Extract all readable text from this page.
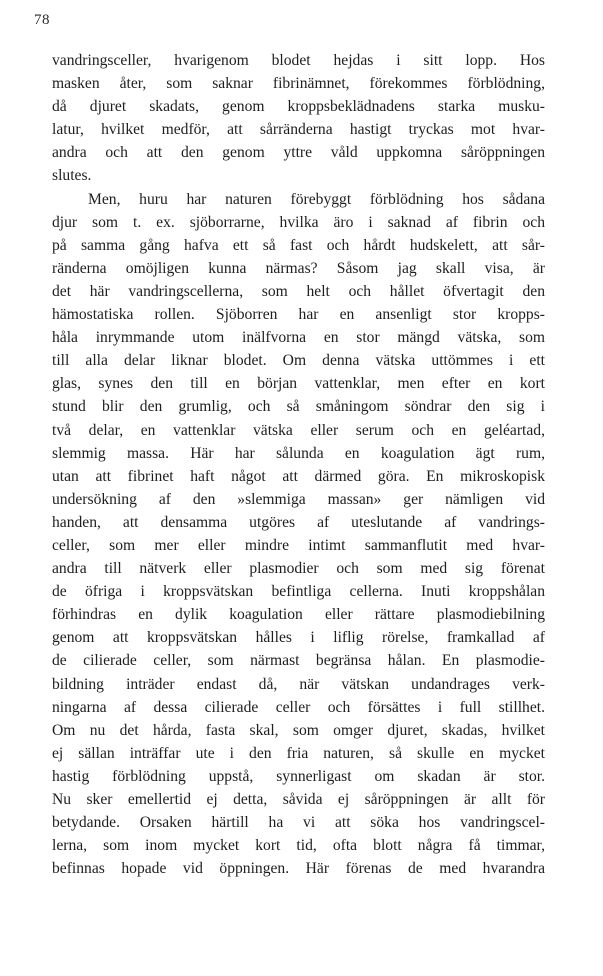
78
vandringsceller, hvarigenom blodet hejdas i sitt lopp. Hos
masken åter, som saknar fibrinämnet, förekommes förblödning,
då djuret skadats, genom kroppsbeklädnadens starka musku-
latur, hvilket medför, att sårränderna hastigt tryckas mot hvar-
andra och att den genom yttre våld uppkomna såröppningen
slutes.
Men, huru har naturen förebyggt förblödning hos sådana
djur som t. ex. sjöborrarne, hvilka äro i saknad af fibrin och
på samma gång hafva ett så fast och hårdt hudskelett, att sår-
ränderna omöjligen kunna närmas? Såsom jag skall visa, är
det här vandringscellerna, som helt och hållet öfvertagit den
hämostatiska rollen. Sjöborren har en ansenligt stor kropps-
håla inrymmande utom inälfvorna en stor mängd vätska, som
till alla delar liknar blodet. Om denna vätska uttömmes i ett
glas, synes den till en början vattenklar, men efter en kort
stund blir den grumlig, och så småningom söndrar den sig i
två delar, en vattenklar vätska eller serum och en geléartad,
slemmig massa. Här har sålunda en koagulation ägt rum,
utan att fibrinet haft något att därmed göra. En mikroskopisk
undersökning af den »slemmiga massan» ger nämligen vid
handen, att densamma utgöres af uteslutande af vandrings-
celler, som mer eller mindre intimt sammanflutit med hvar-
andra till nätverk eller plasmodier och som med sig förenat
de öfriga i kroppsvätskan befintliga cellerna. Inuti kroppshålan
förhindras en dylik koagulation eller rättare plasmodiebilning
genom att kroppsvätskan hålles i liflig rörelse, framkallad af
de cilierade celler, som närmast begränsa hålan. En plasmodie-
bildning inträder endast då, när vätskan undandrages verk-
ningarna af dessa cilierade celler och försättes i full stillhet.
Om nu det hårda, fasta skal, som omger djuret, skadas, hvilket
ej sällan inträffar ute i den fria naturen, så skulle en mycket
hastig förblödning uppstå, synnerligast om skadan är stor.
Nu sker emellertid ej detta, såvida ej såröppningen är allt för
betydande. Orsaken härtill ha vi att söka hos vandringscel-
lerna, som inom mycket kort tid, ofta blott några få timmar,
befinnas hopade vid öppningen. Här förenas de med hvarandra
